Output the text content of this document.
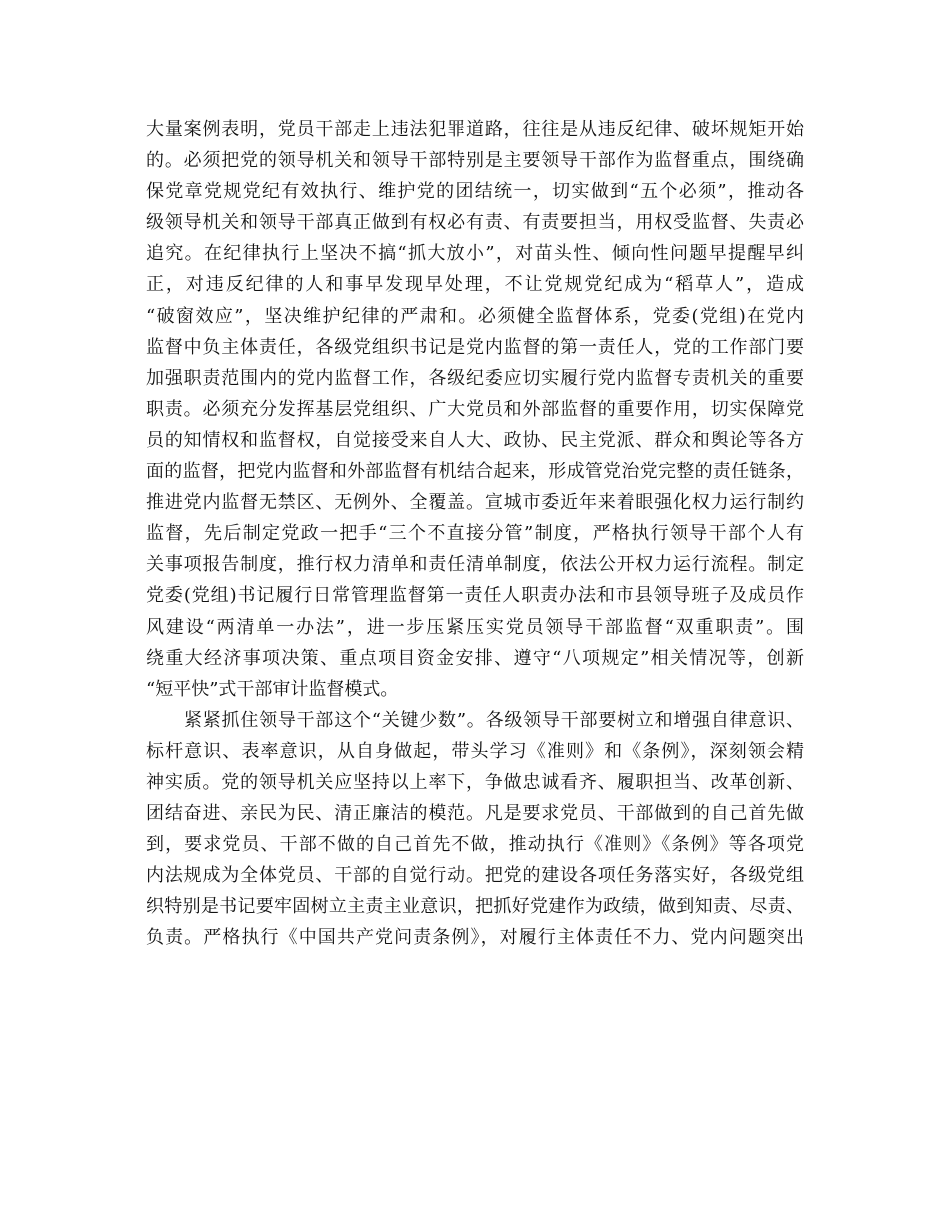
大量案例表明，党员干部走上违法犯罪道路，往往是从违反纪律、破坏规矩开始
的。必须把党的领导机关和领导干部特别是主要领导干部作为监督重点，围绕确
保党章党规党纪有效执行、维护党的团结统一，切实做到“五个必须”，推动各
级领导机关和领导干部真正做到有权必有责、有责要担当，用权受监督、失责必
追究。在纪律执行上坚决不搞“抓大放小”，对苗头性、倾向性问题早提醒早纠
正，对违反纪律的人和事早发现早处理，不让党规党纪成为“稻草人”，造成
“破窗效应”，坚决维护纪律的严肃和。必须健全监督体系，党委(党组)在党内
监督中负主体责任，各级党组织书记是党内监督的第一责任人，党的工作部门要
加强职责范围内的党内监督工作，各级纪委应切实履行党内监督专责机关的重要
职责。必须充分发挥基层党组织、广大党员和外部监督的重要作用，切实保障党
员的知情权和监督权，自觉接受来自人大、政协、民主党派、群众和舆论等各方
面的监督，把党内监督和外部监督有机结合起来，形成管党治党完整的责任链条，
推进党内监督无禁区、无例外、全覆盖。宣城市委近年来着眼强化权力运行制约
监督，先后制定党政一把手“三个不直接分管”制度，严格执行领导干部个人有
关事项报告制度，推行权力清单和责任清单制度，依法公开权力运行流程。制定
党委(党组)书记履行日常管理监督第一责任人职责办法和市县领导班子及成员作
风建设“两清单一办法”，进一步压紧压实党员领导干部监督“双重职责”。围
绕重大经济事项决策、重点项目资金安排、遵守“八项规定”相关情况等，创新
“短平快”式干部审计监督模式。
紧紧抓住领导干部这个“关键少数”。各级领导干部要树立和增强自律意识、
标杆意识、表率意识，从自身做起，带头学习《准则》和《条例》，深刻领会精
神实质。党的领导机关应坚持以上率下，争做忠诚看齐、履职担当、改革创新、
团结奋进、亲民为民、清正廉洁的模范。凡是要求党员、干部做到的自己首先做
到，要求党员、干部不做的自己首先不做，推动执行《准则》《条例》等各项党
内法规成为全体党员、干部的自觉行动。把党的建设各项任务落实好，各级党组
织特别是书记要牢固树立主责主业意识，把抓好党建作为政绩，做到知责、尽责、
负责。严格执行《中国共产党问责条例》，对履行主体责任不力、党内问题突出
